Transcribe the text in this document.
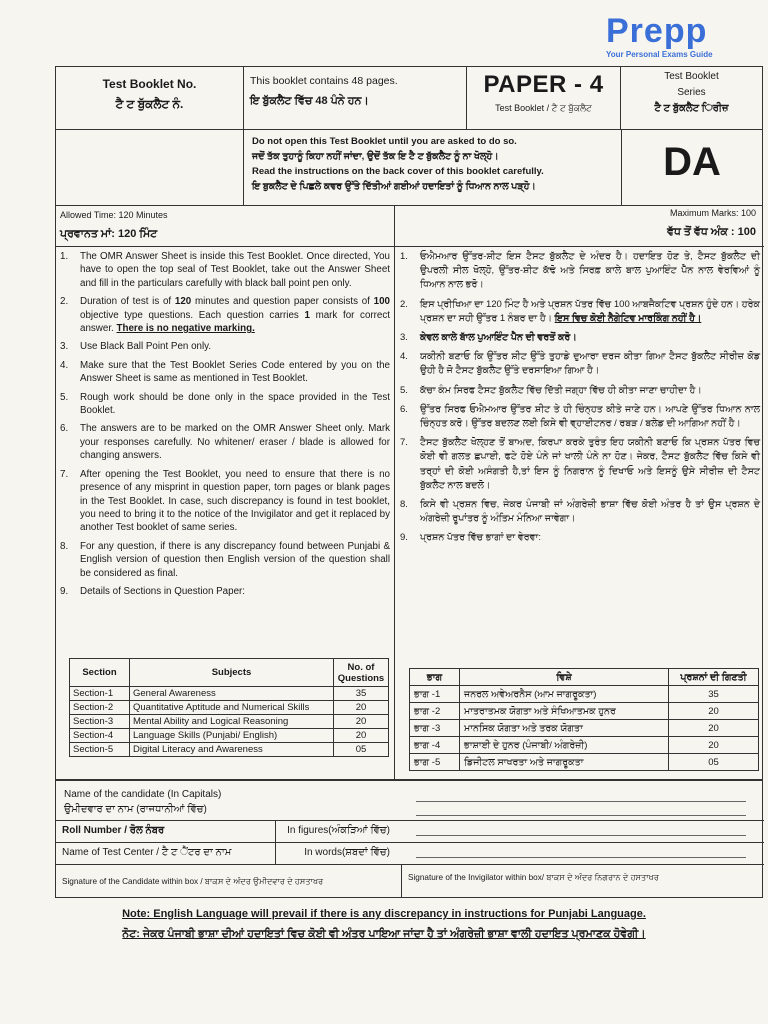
Prepp
Your Personal Exams Guide
Test Booklet No.
ਟੈ ਟ ਬੁੱਕਲੈਟ ਨੰ.
This booklet contains 48 pages.
ਇ ਬੁੱਕਲੈਟ ਵਿੱਚ 48 ਪੰਨੇ ਹਨ।
PAPER - 4
Test Booklet / ਟੈ ਟ ਬੁੱਕਲੈਟ
Test Booklet
Series
ਟੈ ਟ ਬੁੱਕਲੈਟ ਿਰੀਜ਼
Do not open this Test Booklet until you are asked to do so.
ਜਦੋਂ ਤੱਕ ਤੁਹਾਨੂੰ ਕਿਹਾ ਨਹੀਂ ਜਾਂਦਾ, ਉਦੋਂ ਤੱਕ ਇ ਟੈ ਟ ਬੁੱਕਲੈਟ ਨੂੰ ਨਾ ਖੋਲ੍ਹੋ।
Read the instructions on the back cover of this booklet carefully.
ਇ ਬੁਕਲੈਟ ਦੇ ਪਿਛਲੇ ਕਵਰ ਉੱਤੇ ਦਿੱਤੀਆਂ ਗਈਆਂ ਹਦਾਇਤਾਂ ਨੂੰ ਧਿਆਨ ਨਾਲ ਪੜ੍ਹੋ।
DA
Allowed Time: 120 Minutes
ਪ੍ਰਵਾਨਤ ਮਾਂ: 120 ਮਿੰਟ
Maximum Marks: 100
ਵੱਧ ਤੋਂ ਵੱਧ ਅੰਕ : 100
1.	The OMR Answer Sheet is inside this Test Booklet. Once directed, You have to open the top seal of Test Booklet, take out the Answer Sheet and fill in the particulars carefully with black ball point pen only.
2.	Duration of test is of 120 minutes and question paper consists of 100 objective type questions. Each question carries 1 mark for correct answer. There is no negative marking.
3.	Use Black Ball Point Pen only.
4.	Make sure that the Test Booklet Series Code entered by you on the Answer Sheet is same as mentioned in Test Booklet.
5.	Rough work should be done only in the space provided in the Test Booklet.
6.	The answers are to be marked on the OMR Answer Sheet only. Mark your responses carefully. No whitener/ eraser / blade is allowed for changing answers.
7.	After opening the Test Booklet, you need to ensure that there is no presence of any misprint in question paper, torn pages or blank pages in the Test Booklet. In case, such discrepancy is found in test booklet, you need to bring it to the notice of the Invigilator and get it replaced by another Test booklet of same series.
8.	For any question, if there is any discrepancy found between Punjabi & English version of question then English version of the question shall be considered as final.
9.	Details of Sections in Question Paper:
1.	ਓਐਮਆਰ ਉੱਤਰ-ਸ਼ੀਟ ਇਸ ਟੈਸਟ ਬੁੱਕਲੈਟ ਦੇ ਅੰਦਰ ਹੈ। ਹਦਾਇਤ ਹੋਣ ਤੇ, ਟੈਸਟ ਬੁੱਕਲੈਟ ਦੀ ਉਪਰਲੀ ਸੀਲ ਖੋਲ੍ਹੋ, ਉੱਤਰ-ਸ਼ੀਟ ਕੱਢੋ ਅਤੇ ਸਿਰਫ਼ ਕਾਲੇ ਬਾਲ ਪੁਆਇੰਟ ਪੈੱਨ ਨਾਲ ਵੇਰਵਿਆਂ ਨੂੰ ਧਿਆਨ ਨਾਲ ਭਰੋ।
2.	ਇਸ ਪ੍ਰੀਖਿਆ ਦਾ 120 ਮਿੰਟ ਹੈ ਅਤੇ ਪ੍ਰਸ਼ਨ ਪੱਤਰ ਵਿੱਚ 100 ਆਬਜੈਕਟਿਵ ਪ੍ਰਸ਼ਨ ਹੁੰਦੇ ਹਨ। ਹਰੇਕ ਪ੍ਰਸ਼ਨ ਦਾ ਸਹੀ ਉੱਤਰ 1 ਨੰਬਰ ਦਾ ਹੈ। ਇਸ ਵਿਚ ਕੋਈ ਨੈਗੇਟਿਵ ਮਾਰਕਿੰਗ ਨਹੀਂ ਹੈ।
3.	ਕੇਵਲ ਕਾਲੇ ਬਾੱਲ ਪੁਆਇੰਟ ਪੈੱਨ ਦੀ ਵਰਤੋਂ ਕਰੋ।
4.	ਯਕੀਨੀ ਬਣਾਓ ਕਿ ਉੱਤਰ ਸ਼ੀਟ ਉੱਤੇ ਤੁਹਾਡੇ ਦੁਆਰਾ ਦਰਜ ਕੀਤਾ ਗਿਆ ਟੈਸਟ ਬੁੱਕਲੈਟ ਸੀਰੀਜ਼ ਕੋਡ ਉਹੀ ਹੈ ਜੋ ਟੈਸਟ ਬੁੱਕਲੈਟ ਉੱਤੇ ਦਰਸਾਇਆ ਗਿਆ ਹੈ।
5.	ਕੱਚਾ ਕੰਮ ਸਿਰਫ ਟੈਸਟ ਬੁੱਕਲੈਟ ਵਿੱਚ ਦਿੱਤੀ ਜਗ੍ਹਾ ਵਿੱਚ ਹੀ ਕੀਤਾ ਜਾਣਾ ਚਾਹੀਦਾ ਹੈ।
6.	ਉੱਤਰ ਸਿਰਫ ਓਐਮਆਰ ਉੱਤਰ ਸ਼ੀਟ ਤੇ ਹੀ ਚਿੰਨ੍ਹਤ ਕੀਤੇ ਜਾਣੇ ਹਨ। ਆਪਣੇ ਉੱਤਰ ਧਿਆਨ ਨਾਲ ਚਿੰਨ੍ਹਤ ਕਰੋ। ਉੱਤਰ ਬਦਲਣ ਲਈ ਕਿਸੇ ਵੀ ਵ੍ਹਾਈਟਨਰ / ਰਬੜ / ਬਲੇਡ ਦੀ ਆਗਿਆ ਨਹੀਂ ਹੈ।
7.	ਟੈਸਟ ਬੁੱਕਲੈਟ ਖੋਲ੍ਹਣ ਤੋਂ ਬਾਅਦ, ਕਿਰਪਾ ਕਰਕੇ ਤੁਰੰਤ ਇਹ ਯਕੀਨੀ ਬਣਾਓ ਕਿ ਪ੍ਰਸ਼ਨ ਪੱਤਰ ਵਿਚ ਕੋਈ ਵੀ ਗਲਤ ਛਪਾਈ, ਫਟੇ ਹੋਏ ਪੰਨੇ ਜਾਂ ਖਾਲੀ ਪੰਨੇ ਨਾ ਹੋਣ। ਜੇਕਰ, ਟੈਸਟ ਬੁੱਕਲੈਟ ਵਿੱਚ ਕਿਸੇ ਵੀ ਤਰ੍ਹਾਂ ਦੀ ਕੋਈ ਅਸੰਗਤੀ ਹੈ,ਤਾਂ ਇਸ ਨੂੰ ਨਿਗਰਾਨ ਨੂੰ ਦਿਖਾਓ ਅਤੇ ਇਸਨੂੰ ਉਸੇ ਸੀਰੀਜ਼ ਦੀ ਟੈਸਟ ਬੁੱਕਲੈਟ ਨਾਲ ਬਦਲੋ।
8.	ਕਿਸੇ ਵੀ ਪ੍ਰਸ਼ਨ ਵਿਚ, ਜੇਕਰ ਪੰਜਾਬੀ ਜਾਂ ਅੰਗਰੇਜ਼ੀ ਭਾਸ਼ਾ ਵਿੱਚ ਕੋਈ ਅੰਤਰ ਹੈ ਤਾਂ ਉਸ ਪ੍ਰਸ਼ਨ ਦੇ ਅੰਗਰੇਜ਼ੀ ਰੂਪਾਂਤਰ ਨੂੰ ਅੰਤਿਮ ਮੰਨਿਆ ਜਾਵੇਗਾ।
9.	ਪ੍ਰਸ਼ਨ ਪੱਤਰ ਵਿੱਚ ਭਾਗਾਂ ਦਾ ਵੇਰਵਾ:
Section	Subjects	No. of Questions
Section-1	General Awareness	35
Section-2	Quantitative Aptitude and Numerical Skills	20
Section-3	Mental Ability and Logical Reasoning	20
Section-4	Language Skills (Punjabi/ English)	20
Section-5	Digital Literacy and Awareness	05
ਭਾਗ	ਵਿਸ਼ੇ	ਪ੍ਰਸ਼ਨਾਂ ਦੀ ਗਿਣਤੀ
ਭਾਗ -1	ਜਨਰਲ ਅਵੇਅਰਨੈਸ (ਆਮ ਜਾਗਰੂਕਤਾ)	35
ਭਾਗ -2	ਮਾਤਰਾਤਮਕ ਯੋਗਤਾ ਅਤੇ ਸੰਖਿਆਤਮਕ ਹੁਨਰ	20
ਭਾਗ -3	ਮਾਨਸਿਕ ਯੋਗਤਾ ਅਤੇ ਤਰਕ ਯੋਗਤਾ	20
ਭਾਗ -4	ਭਾਸ਼ਾਈ ਦੇ ਹੁਨਰ (ਪੰਜਾਬੀ/ ਅੰਗਰੇਜ਼ੀ)	20
ਭਾਗ -5	ਡਿਜੀਟਲ ਸਾਖਰਤਾ ਅਤੇ ਜਾਗਰੂਕਤਾ	05
Name of the candidate (In Capitals)
ਉਮੀਦਵਾਰ ਦਾ ਨਾਮ (ਰਾਜਧਾਨੀਆਂ ਵਿੱਚ)
Roll Number / ਰੋਲ ਨੰਬਰ	In figures(ਅੰਕੜਿਆਂ ਵਿੱਚ)
Name of Test Center / ਟੈ ਟ ੈਂਟਰ ਦਾ ਨਾਮ	In words(ਸ਼ਬਦਾਂ ਵਿੱਚ)
Signature of the Candidate within box / ਬਾਕਸ ਦੇ ਅੰਦਰ ਉਮੀਦਵਾਰ ਦੇ ਹਸਤਾਖਰ	Signature of the Invigilator within box/ ਬਾਕਸ ਦੇ ਅੰਦਰ ਨਿਗਰਾਨ ਦੇ ਹਸਤਾਖਰ
Note: English Language will prevail if there is any discrepancy in instructions for Punjabi Language.
ਨੋਟ: ਜੇਕਰ ਪੰਜਾਬੀ ਭਾਸ਼ਾ ਦੀਆਂ ਹਦਾਇਤਾਂ ਵਿਚ ਕੋਈ ਵੀ ਅੰਤਰ ਪਾਇਆ ਜਾਂਦਾ ਹੈ ਤਾਂ ਅੰਗਰੇਜ਼ੀ ਭਾਸ਼ਾ ਵਾਲੀ ਹਦਾਇਤ ਪ੍ਰਮਾਣਕ ਹੋਵੇਗੀ।
